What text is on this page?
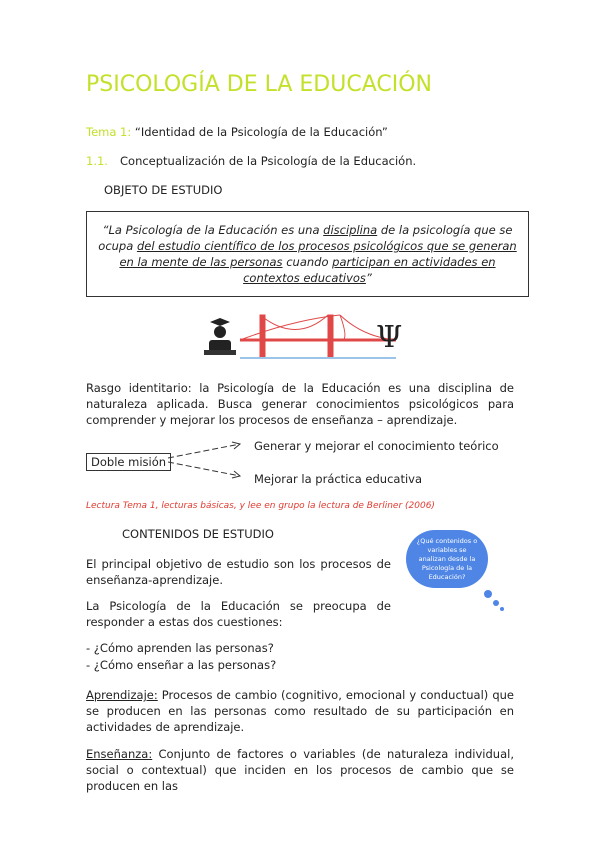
PSICOLOGÍA DE LA EDUCACIÓN
Tema 1: “Identidad de la Psicología de la Educación”
1.1. Conceptualización de la Psicología de la Educación.
OBJETO DE ESTUDIO
“La Psicología de la Educación es una disciplina de la psicología que se ocupa del estudio científico de los procesos psicológicos que se generan en la mente de las personas cuando participan en actividades en contextos educativos”
Ψ
Rasgo identitario: la Psicología de la Educación es una disciplina de naturaleza aplicada. Busca generar conocimientos psicológicos para comprender y mejorar los procesos de enseñanza – aprendizaje.
Doble misión
Generar y mejorar el conocimiento teórico
Mejorar la práctica educativa
Lectura Tema 1, lecturas básicas, y lee en grupo la lectura de Berliner (2006)
CONTENIDOS DE ESTUDIO	¿Qué contenidos o variables se analizan desde la Psicología de la Educación?
El principal objetivo de estudio son los procesos de enseñanza-aprendizaje.
La Psicología de la Educación se preocupa de responder a estas dos cuestiones:
- ¿Cómo aprenden las personas?
- ¿Cómo enseñar a las personas?
Aprendizaje: Procesos de cambio (cognitivo, emocional y conductual) que se producen en las personas como resultado de su participación en actividades de aprendizaje.
Enseñanza: Conjunto de factores o variables (de naturaleza individual, social o contextual) que inciden en los procesos de cambio que se producen en las
